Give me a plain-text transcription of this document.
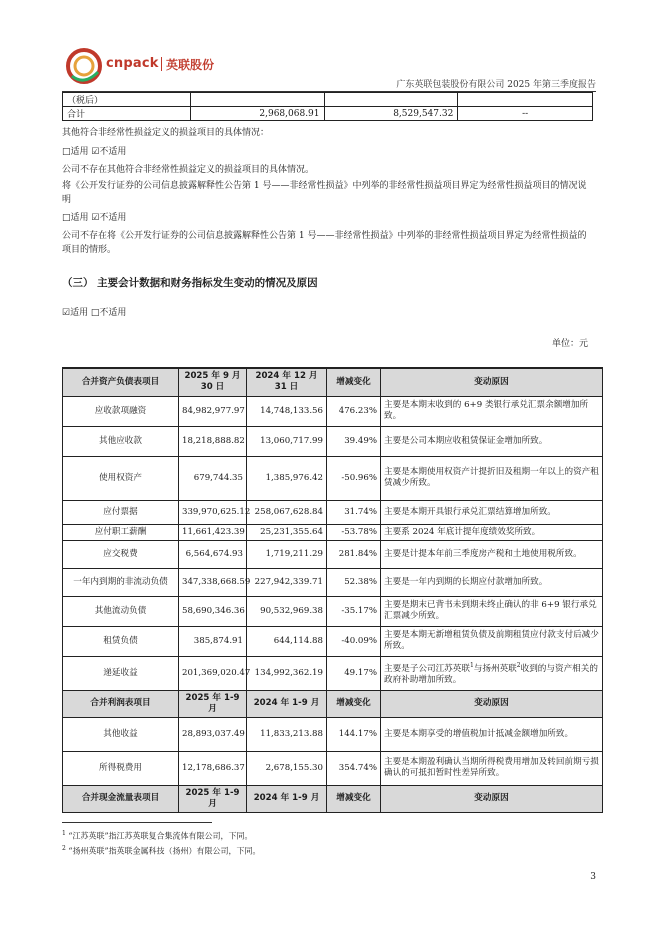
cnpack 英联股份
广东英联包装股份有限公司 2025 年第三季度报告
（税后）			
合计	2,968,068.91	8,529,547.32	--
其他符合非经常性损益定义的损益项目的具体情况：
□适用 ☑不适用
公司不存在其他符合非经常性损益定义的损益项目的具体情况。
将《公开发行证券的公司信息披露解释性公告第 1 号——非经常性损益》中列举的非经常性损益项目界定为经常性损益项目的情况说明
□适用 ☑不适用
公司不存在将《公开发行证券的公司信息披露解释性公告第 1 号——非经常性损益》中列举的非经常性损益项目界定为经常性损益的项目的情形。
（三） 主要会计数据和财务指标发生变动的情况及原因
☑适用 □不适用
单位：元
合并资产负债表项目	2025 年 9 月 30 日	2024 年 12 月 31 日	增减变化	变动原因
应收款项融资	84,982,977.97	14,748,133.56	476.23%	主要是本期末收到的 6+9 类银行承兑汇票余额增加所致。
其他应收款	18,218,888.82	13,060,717.99	39.49%	主要是公司本期应收租赁保证金增加所致。
使用权资产	679,744.35	1,385,976.42	-50.96%	主要是本期使用权资产计提折旧及租期一年以上的资产租赁减少所致。
应付票据	339,970,625.12	258,067,628.84	31.74%	主要是本期开具银行承兑汇票结算增加所致。
应付职工薪酬	11,661,423.39	25,231,355.64	-53.78%	主要系 2024 年底计提年度绩效奖所致。
应交税费	6,564,674.93	1,719,211.29	281.84%	主要是计提本年前三季度房产税和土地使用税所致。
一年内到期的非流动负债	347,338,668.59	227,942,339.71	52.38%	主要是一年内到期的长期应付款增加所致。
其他流动负债	58,690,346.36	90,532,969.38	-35.17%	主要是期末已背书未到期未终止确认的非 6+9 银行承兑汇票减少所致。
租赁负债	385,874.91	644,114.88	-40.09%	主要是本期无新增租赁负债及前期租赁应付款支付后减少所致。
递延收益	201,369,020.47	134,992,362.19	49.17%	主要是子公司江苏英联$^1$与扬州英联$^2$收到的与资产相关的政府补助增加所致。
合并利润表项目	2025 年 1-9 月	2024 年 1-9 月	增减变化	变动原因
其他收益	28,893,037.49	11,833,213.88	144.17%	主要是本期享受的增值税加计抵减金额增加所致。
所得税费用	12,178,686.37	2,678,155.30	354.74%	主要是本期盈利确认当期所得税费用增加及转回前期亏损确认的可抵扣暂时性差异所致。
合并现金流量表项目	2025 年 1-9 月	2024 年 1-9 月	增减变化	变动原因
$^1$ “江苏英联”指江苏英联复合集流体有限公司，下同。
$^2$ “扬州英联”指英联金属科技（扬州）有限公司，下同。
3
